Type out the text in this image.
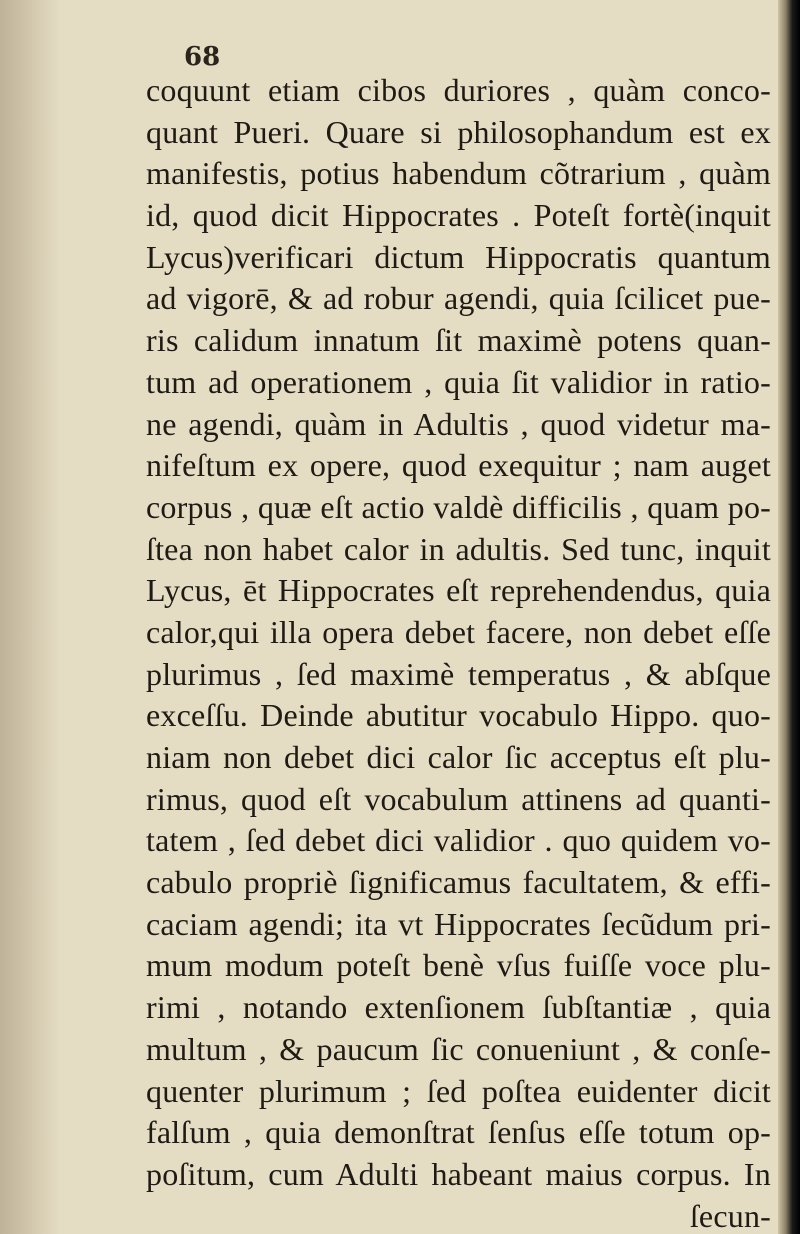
68
coquunt etiam cibos duriores , quàm conco-
quant Pueri. Quare si philosophandum est ex
manifestis, potius habendum cõtrarium , quàm
id, quod dicit Hippocrates . Poteſt fortè(inquit
Lycus)verificari dictum Hippocratis quantum
ad vigorē, & ad robur agendi, quia ſcilicet pue-
ris calidum innatum ſit maximè potens quan-
tum ad operationem , quia ſit validior in ratio-
ne agendi, quàm in Adultis , quod videtur ma-
nifeſtum ex opere, quod exequitur ; nam auget
corpus , quæ eſt actio valdè difficilis , quam po-
ſtea non habet calor in adultis. Sed tunc, inquit
Lycus, ēt Hippocrates eſt reprehendendus, quia
calor,qui illa opera debet facere, non debet eſſe
plurimus , ſed maximè temperatus , & abſque
exceſſu. Deinde abutitur vocabulo Hippo. quo-
niam non debet dici calor ſic acceptus eſt plu-
rimus, quod eſt vocabulum attinens ad quanti-
tatem , ſed debet dici validior . quo quidem vo-
cabulo propriè ſignificamus facultatem, & effi-
caciam agendi; ita vt Hippocrates ſecũdum pri-
mum modum poteſt benè vſus fuiſſe voce plu-
rimi , notando extenſionem ſubſtantiæ , quia
multum , & paucum ſic conueniunt , & conſe-
quenter plurimum ; ſed poſtea euidenter dicit
falſum , quia demonſtrat ſenſus eſſe totum op-
poſitum, cum Adulti habeant maius corpus. In
ſecun-
